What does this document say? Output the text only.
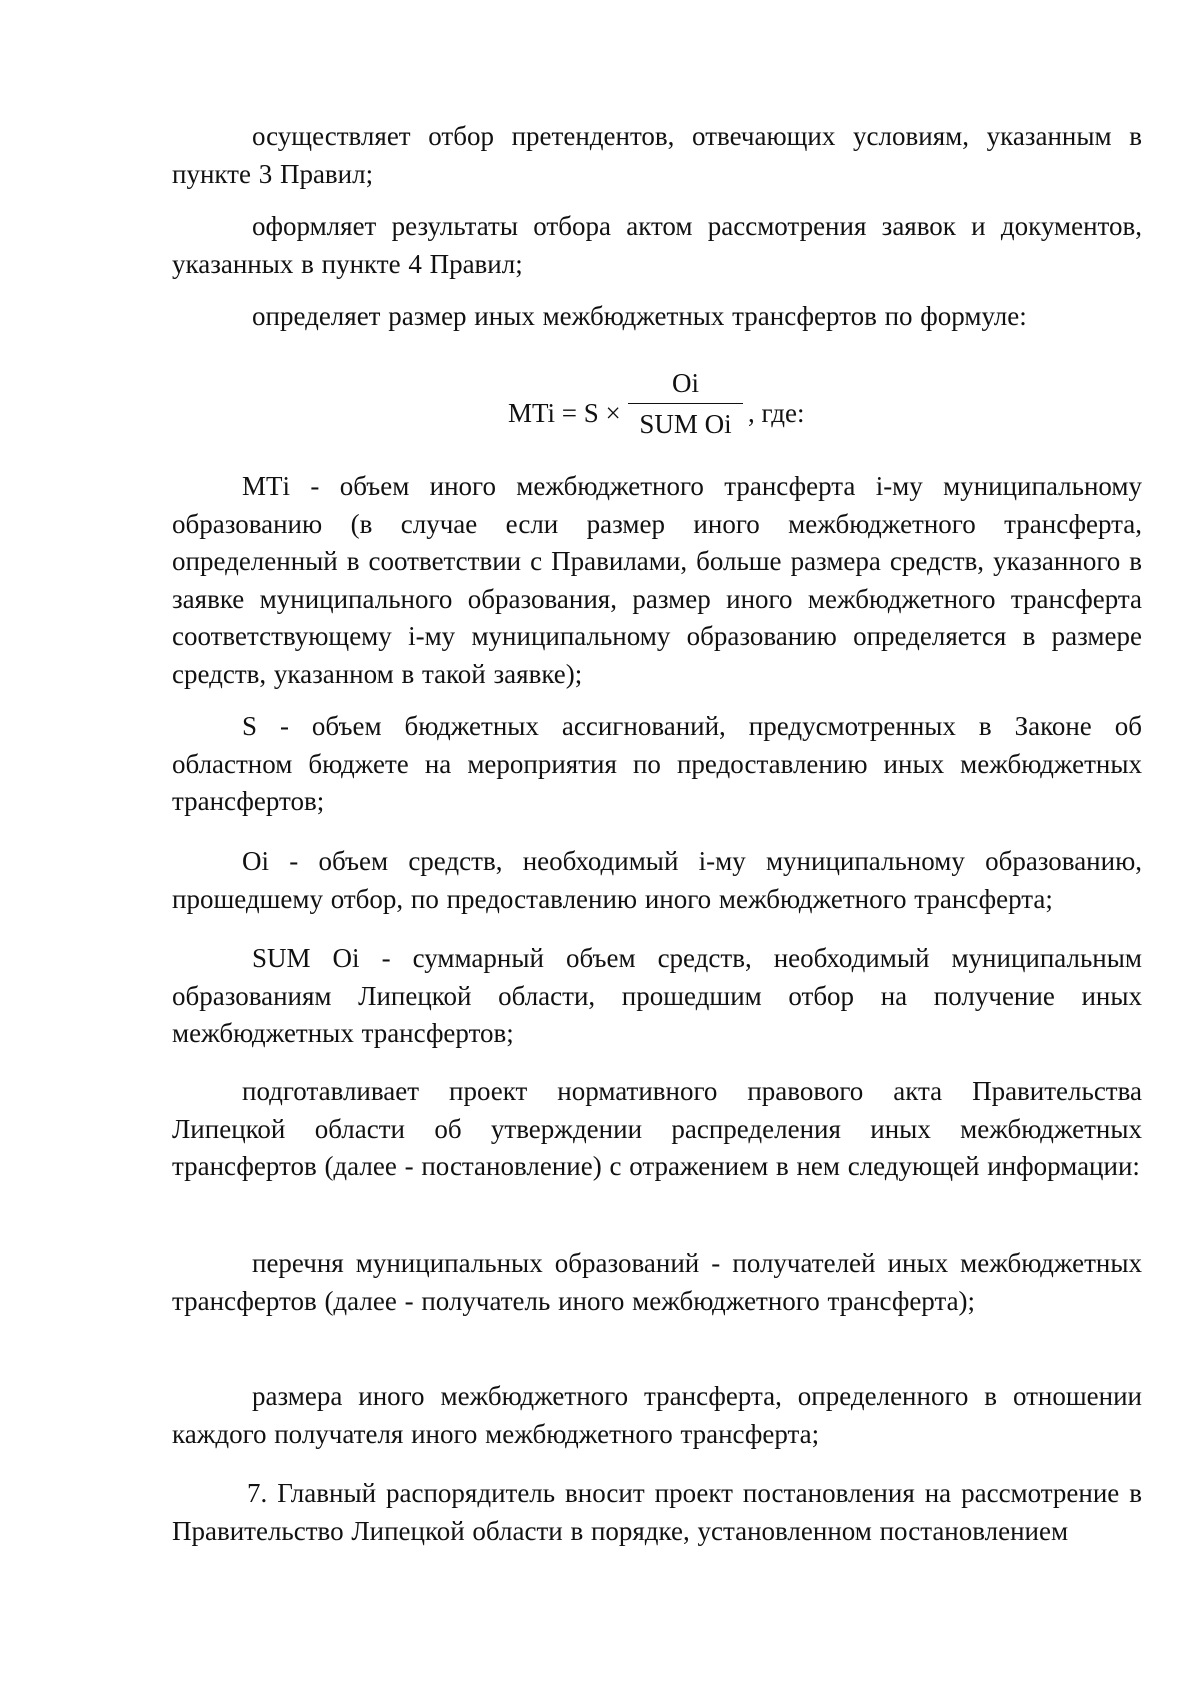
осуществляет отбор претендентов, отвечающих условиям, указанным в пункте 3 Правил;

оформляет результаты отбора актом рассмотрения заявок и документов, указанных в пункте 4 Правил;

определяет размер иных межбюджетных трансфертов по формуле:

MTi = S ×
Oi
SUM Oi , где:

МТi - объем иного межбюджетного трансферта i-му муниципальному образованию (в случае если размер иного межбюджетного трансферта, определенный в соответствии с Правилами, больше размера средств, указанного в заявке муниципального образования, размер иного межбюджетного трансферта соответствующему i-му муниципальному образованию определяется в размере средств, указанном в такой заявке);

S - объем бюджетных ассигнований, предусмотренных в Законе об областном бюджете на мероприятия по предоставлению иных межбюджетных трансфертов;

Oi - объем средств, необходимый i-му муниципальному образованию, прошедшему отбор, по предоставлению иного межбюджетного трансферта;

SUM Oi - суммарный объем средств, необходимый муниципальным образованиям Липецкой области, прошедшим отбор на получение иных межбюджетных трансфертов;

подготавливает проект нормативного правового акта Правительства Липецкой области об утверждении распределения иных межбюджетных трансфертов (далее - постановление) с отражением в нем следующей информации:

перечня муниципальных образований - получателей иных межбюджетных трансфертов (далее - получатель иного межбюджетного трансферта);

размера иного межбюджетного трансферта, определенного в отношении каждого получателя иного межбюджетного трансферта;

7. Главный распорядитель вносит проект постановления на рассмотрение в Правительство Липецкой области в порядке, установленном постановлением
